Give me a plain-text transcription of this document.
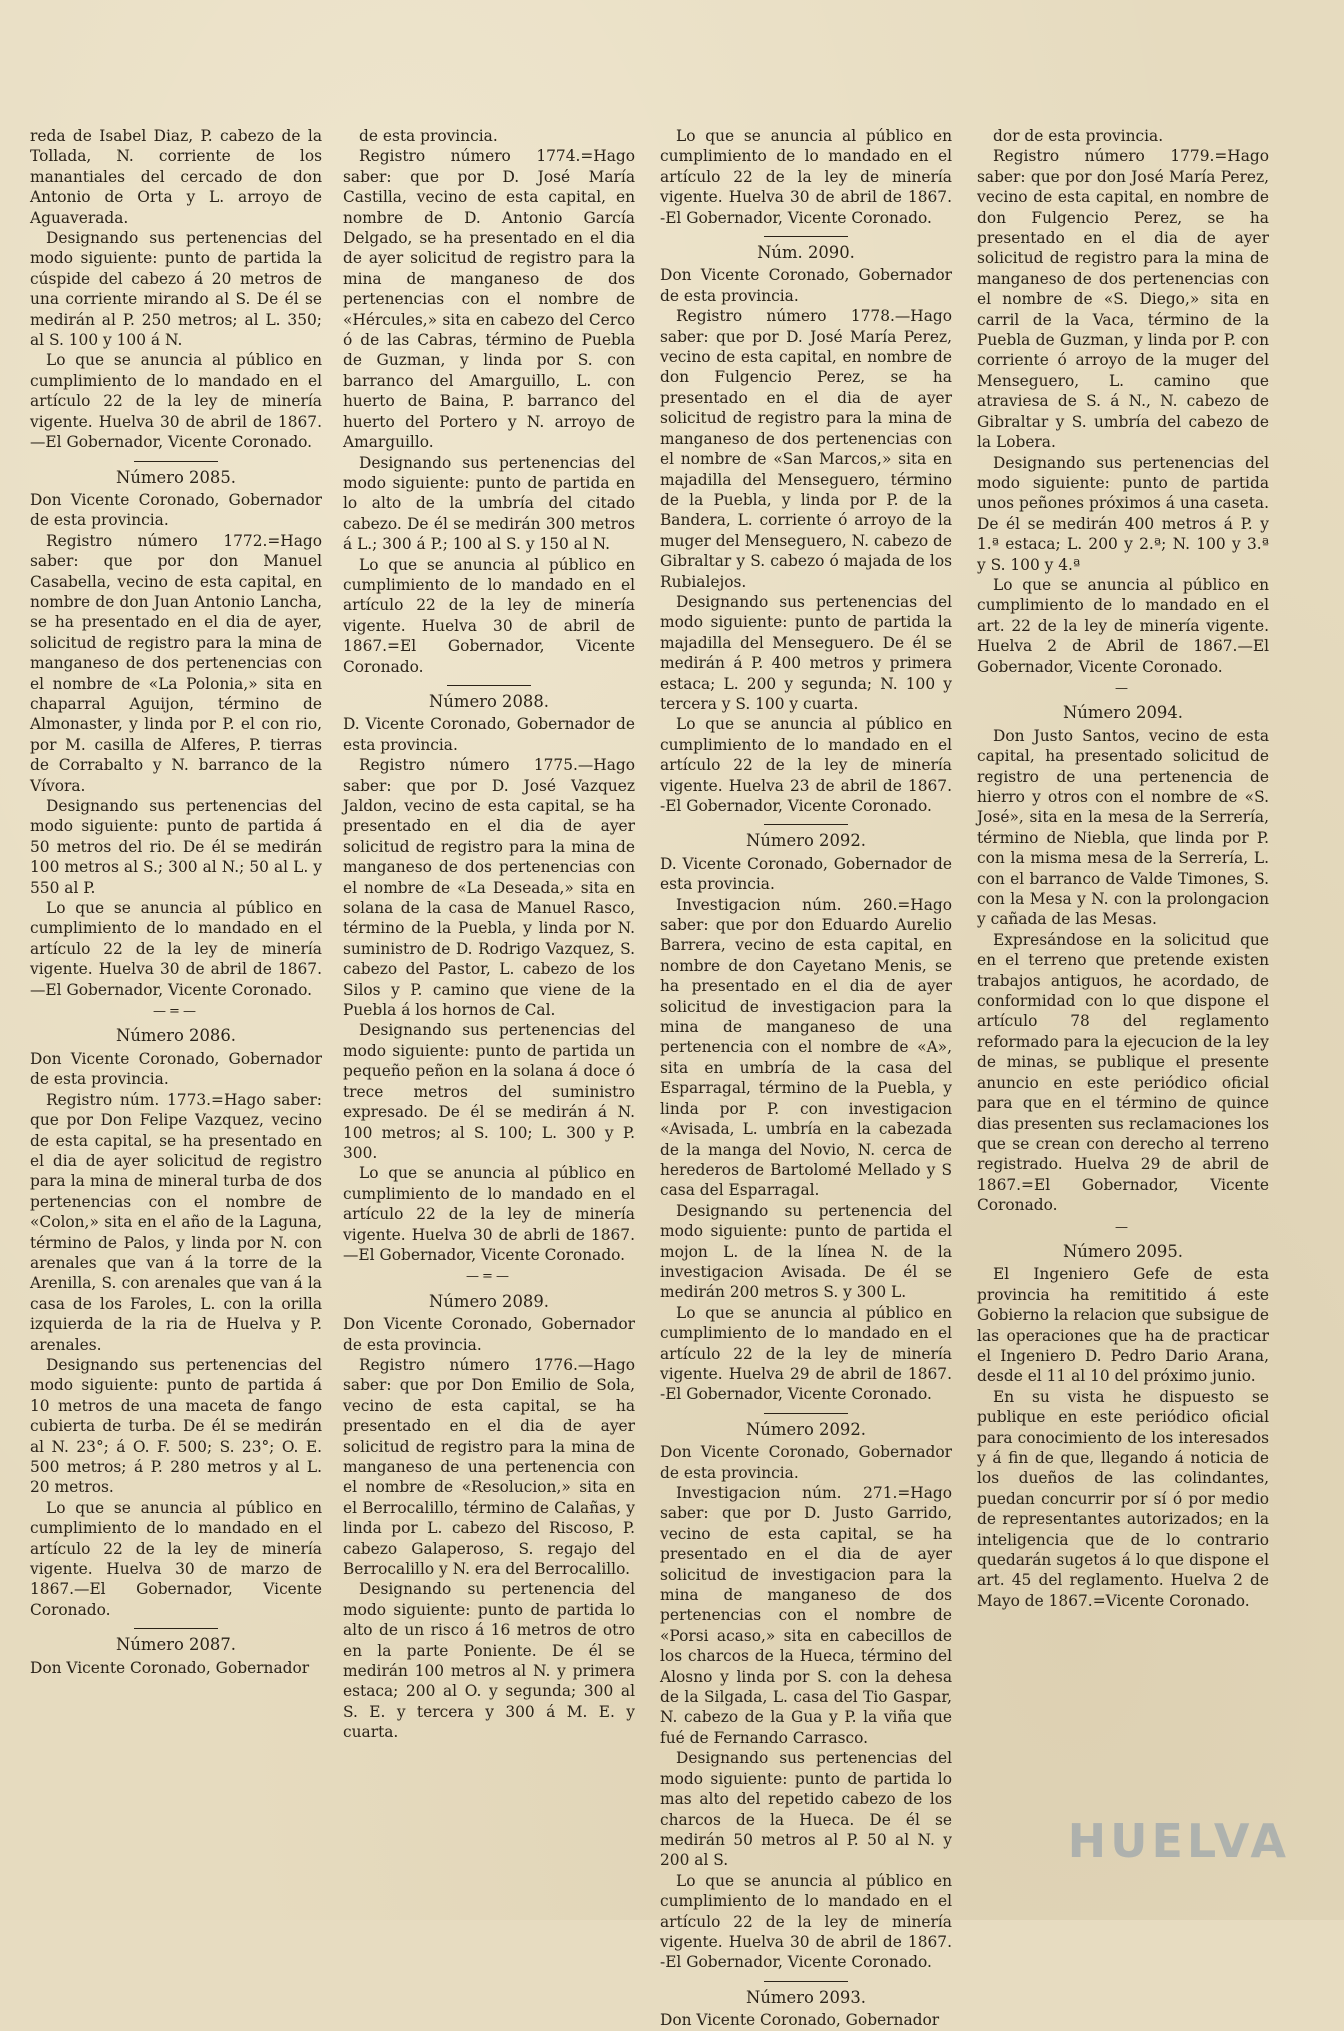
reda de Isabel Diaz, P. cabezo de la Tollada, N. corriente de los manantiales del cercado de don Antonio de Orta y L. arroyo de Aguaverada.

Designando sus pertenencias del modo siguiente: punto de partida la cúspide del cabezo á 20 metros de una corriente mirando al S. De él se medirán al P. 250 metros; al L. 350; al S. 100 y 100 á N.

Lo que se anuncia al público en cumplimiento de lo mandado en el artículo 22 de la ley de minería vigente. Huelva 30 de abril de 1867.—El Gobernador, Vicente Coronado.

Número 2085.

Don Vicente Coronado, Gobernador de esta provincia.

Registro número 1772.=Hago saber: que por don Manuel Casabella, vecino de esta capital, en nombre de don Juan Antonio Lancha, se ha presentado en el dia de ayer, solicitud de registro para la mina de manganeso de dos pertenencias con el nombre de «La Polonia,» sita en chaparral Aguijon, término de Almonaster, y linda por P. el con rio, por M. casilla de Alferes, P. tierras de Corrabalto y N. barranco de la Vívora.

Designando sus pertenencias del modo siguiente: punto de partida á 50 metros del rio. De él se medirán 100 metros al S.; 300 al N.; 50 al L. y 550 al P.

Lo que se anuncia al público en cumplimiento de lo mandado en el artículo 22 de la ley de minería vigente. Huelva 30 de abril de 1867.—El Gobernador, Vicente Coronado.

—=—

Número 2086.

Don Vicente Coronado, Gobernador de esta provincia.

Registro núm. 1773.=Hago saber: que por Don Felipe Vazquez, vecino de esta capital, se ha presentado en el dia de ayer solicitud de registro para la mina de mineral turba de dos pertenencias con el nombre de «Colon,» sita en el año de la Laguna, término de Palos, y linda por N. con arenales que van á la torre de la Arenilla, S. con arenales que van á la casa de los Faroles, L. con la orilla izquierda de la ria de Huelva y P. arenales.

Designando sus pertenencias del modo siguiente: punto de partida á 10 metros de una maceta de fango cubierta de turba. De él se medirán al N. 23°; á O. F. 500; S. 23°; O. E. 500 metros; á P. 280 metros y al L. 20 metros.

Lo que se anuncia al público en cumplimiento de lo mandado en el artículo 22 de la ley de minería vigente. Huelva 30 de marzo de 1867.—El Gobernador, Vicente Coronado.

Número 2087.

Don Vicente Coronado, Gobernador

de esta provincia.

Registro número 1774.=Hago saber: que por D. José María Castilla, vecino de esta capital, en nombre de D. Antonio García Delgado, se ha presentado en el dia de ayer solicitud de registro para la mina de manganeso de dos pertenencias con el nombre de «Hércules,» sita en cabezo del Cerco ó de las Cabras, término de Puebla de Guzman, y linda por S. con barranco del Amarguillo, L. con huerto de Baina, P. barranco del huerto del Portero y N. arroyo de Amarguillo.

Designando sus pertenencias del modo siguiente: punto de partida en lo alto de la umbría del citado cabezo. De él se medirán 300 metros á L.; 300 á P.; 100 al S. y 150 al N.

Lo que se anuncia al público en cumplimiento de lo mandado en el artículo 22 de la ley de minería vigente. Huelva 30 de abril de 1867.=El Gobernador, Vicente Coronado.

Número 2088.

D. Vicente Coronado, Gobernador de esta provincia.

Registro número 1775.—Hago saber: que por D. José Vazquez Jaldon, vecino de esta capital, se ha presentado en el dia de ayer solicitud de registro para la mina de manganeso de dos pertenencias con el nombre de «La Deseada,» sita en solana de la casa de Manuel Rasco, término de la Puebla, y linda por N. suministro de D. Rodrigo Vazquez, S. cabezo del Pastor, L. cabezo de los Silos y P. camino que viene de la Puebla á los hornos de Cal.

Designando sus pertenencias del modo siguiente: punto de partida un pequeño peñon en la solana á doce ó trece metros del suministro expresado. De él se medirán á N. 100 metros; al S. 100; L. 300 y P. 300.

Lo que se anuncia al público en cumplimiento de lo mandado en el artículo 22 de la ley de minería vigente. Huelva 30 de abrli de 1867.—El Gobernador, Vicente Coronado.

—=—

Número 2089.

Don Vicente Coronado, Gobernador de esta provincia.

Registro número 1776.—Hago saber: que por Don Emilio de Sola, vecino de esta capital, se ha presentado en el dia de ayer solicitud de registro para la mina de manganeso de una pertenencia con el nombre de «Resolucion,» sita en el Berrocalillo, término de Calañas, y linda por L. cabezo del Riscoso, P. cabezo Galaperoso, S. regajo del Berrocalillo y N. era del Berrocalillo.

Designando su pertenencia del modo siguiente: punto de partida lo alto de un risco á 16 metros de otro en la parte Poniente. De él se medirán 100 metros al N. y primera estaca; 200 al O. y segunda; 300 al S. E. y tercera y 300 á M. E. y cuarta.

Lo que se anuncia al público en cumplimiento de lo mandado en el artículo 22 de la ley de minería vigente. Huelva 30 de abril de 1867. -El Gobernador, Vicente Coronado.

Núm. 2090.

Don Vicente Coronado, Gobernador de esta provincia.

Registro número 1778.—Hago saber: que por D. José María Perez, vecino de esta capital, en nombre de don Fulgencio Perez, se ha presentado en el dia de ayer solicitud de registro para la mina de manganeso de dos pertenencias con el nombre de «San Marcos,» sita en majadilla del Menseguero, término de la Puebla, y linda por P. de la Bandera, L. corriente ó arroyo de la muger del Menseguero, N. cabezo de Gibraltar y S. cabezo ó majada de los Rubialejos.

Designando sus pertenencias del modo siguiente: punto de partida la majadilla del Menseguero. De él se medirán á P. 400 metros y primera estaca; L. 200 y segunda; N. 100 y tercera y S. 100 y cuarta.

Lo que se anuncia al público en cumplimiento de lo mandado en el artículo 22 de la ley de minería vigente. Huelva 23 de abril de 1867. -El Gobernador, Vicente Coronado.

Número 2092.

D. Vicente Coronado, Gobernador de esta provincia.

Investigacion núm. 260.=Hago saber: que por don Eduardo Aurelio Barrera, vecino de esta capital, en nombre de don Cayetano Menis, se ha presentado en el dia de ayer solicitud de investigacion para la mina de manganeso de una pertenencia con el nombre de «A», sita en umbría de la casa del Esparragal, término de la Puebla, y linda por P. con investigacion «Avisada, L. umbría en la cabezada de la manga del Novio, N. cerca de herederos de Bartolomé Mellado y S casa del Esparragal.

Designando su pertenencia del modo siguiente: punto de partida el mojon L. de la línea N. de la investigacion Avisada. De él se medirán 200 metros S. y 300 L.

Lo que se anuncia al público en cumplimiento de lo mandado en el artículo 22 de la ley de minería vigente. Huelva 29 de abril de 1867. -El Gobernador, Vicente Coronado.

Número 2092.

Don Vicente Coronado, Gobernador de esta provincia.

Investigacion núm. 271.=Hago saber: que por D. Justo Garrido, vecino de esta capital, se ha presentado en el dia de ayer solicitud de investigacion para la mina de manganeso de dos pertenencias con el nombre de «Porsi acaso,» sita en cabecillos de los charcos de la Hueca, término del Alosno y linda por S. con la dehesa de la Silgada, L. casa del Tio Gaspar, N. cabezo de la Gua y P. la viña que fué de Fernando Carrasco.

Designando sus pertenencias del modo siguiente: punto de partida lo mas alto del repetido cabezo de los charcos de la Hueca. De él se medirán 50 metros al P. 50 al N. y 200 al S.

Lo que se anuncia al público en cumplimiento de lo mandado en el artículo 22 de la ley de minería vigente. Huelva 30 de abril de 1867. -El Gobernador, Vicente Coronado.

Número 2093.

Don Vicente Coronado, Gobernador

dor de esta provincia.

Registro número 1779.=Hago saber: que por don José María Perez, vecino de esta capital, en nombre de don Fulgencio Perez, se ha presentado en el dia de ayer solicitud de registro para la mina de manganeso de dos pertenencias con el nombre de «S. Diego,» sita en carril de la Vaca, término de la Puebla de Guzman, y linda por P. con corriente ó arroyo de la muger del Menseguero, L. camino que atraviesa de S. á N., N. cabezo de Gibraltar y S. umbría del cabezo de la Lobera.

Designando sus pertenencias del modo siguiente: punto de partida unos peñones próximos á una caseta. De él se medirán 400 metros á P. y 1.ª estaca; L. 200 y 2.ª; N. 100 y 3.ª y S. 100 y 4.ª

Lo que se anuncia al público en cumplimiento de lo mandado en el art. 22 de la ley de minería vigente. Huelva 2 de Abril de 1867.—El Gobernador, Vicente Coronado.

—

Número 2094.

Don Justo Santos, vecino de esta capital, ha presentado solicitud de registro de una pertenencia de hierro y otros con el nombre de «S. José», sita en la mesa de la Serrería, término de Niebla, que linda por P. con la misma mesa de la Serrería, L. con el barranco de Valde Timones, S. con la Mesa y N. con la prolongacion y cañada de las Mesas.

Expresándose en la solicitud que en el terreno que pretende existen trabajos antiguos, he acordado, de conformidad con lo que dispone el artículo 78 del reglamento reformado para la ejecucion de la ley de minas, se publique el presente anuncio en este periódico oficial para que en el término de quince dias presenten sus reclamaciones los que se crean con derecho al terreno registrado. Huelva 29 de abril de 1867.=El Gobernador, Vicente Coronado.

—

Número 2095.

El Ingeniero Gefe de esta provincia ha remititido á este Gobierno la relacion que subsigue de las operaciones que ha de practicar el Ingeniero D. Pedro Dario Arana, desde el 11 al 10 del próximo junio.

En su vista he dispuesto se publique en este periódico oficial para conocimiento de los interesados y á fin de que, llegando á noticia de los dueños de las colindantes, puedan concurrir por sí ó por medio de representantes autorizados; en la inteligencia que de lo contrario quedarán sugetos á lo que dispone el art. 45 del reglamento. Huelva 2 de Mayo de 1867.=Vicente Coronado.

HUELVA
